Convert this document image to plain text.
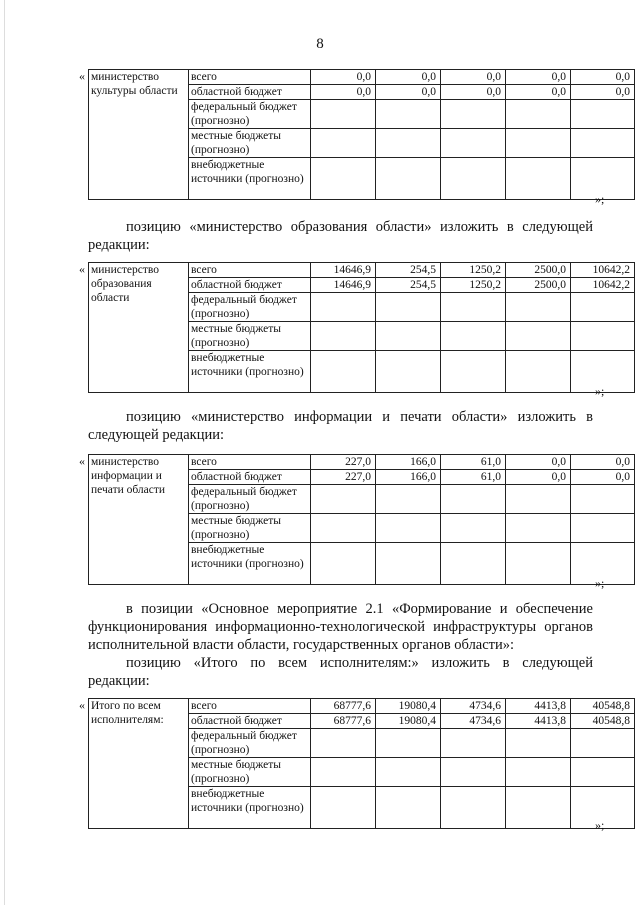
8
« министерство культуры области	всего	0,0	0,0	0,0	0,0	0,0
	областной бюджет	0,0	0,0	0,0	0,0	0,0
	федеральный бюджет (прогнозно)					
	местные бюджеты (прогнозно)					
	внебюджетные источники (прогнозно)					
»;
позицию «министерство образования области» изложить в следующей редакции:
« министерство образования области	всего	14646,9	254,5	1250,2	2500,0	10642,2
	областной бюджет	14646,9	254,5	1250,2	2500,0	10642,2
	федеральный бюджет (прогнозно)					
	местные бюджеты (прогнозно)					
	внебюджетные источники (прогнозно)					
»;
позицию «министерство информации и печати области» изложить в следующей редакции:
« министерство информации и печати области	всего	227,0	166,0	61,0	0,0	0,0
	областной бюджет	227,0	166,0	61,0	0,0	0,0
	федеральный бюджет (прогнозно)					
	местные бюджеты (прогнозно)					
	внебюджетные источники (прогнозно)					
»;
в позиции «Основное мероприятие 2.1 «Формирование и обеспечение функционирования информационно-технологической инфраструктуры органов исполнительной власти области, государственных органов области»:
позицию «Итого по всем исполнителям:» изложить в следующей редакции:
« Итого по всем исполнителям:	всего	68777,6	19080,4	4734,6	4413,8	40548,8
	областной бюджет	68777,6	19080,4	4734,6	4413,8	40548,8
	федеральный бюджет (прогнозно)					
	местные бюджеты (прогнозно)					
	внебюджетные источники (прогнозно)					
»;
